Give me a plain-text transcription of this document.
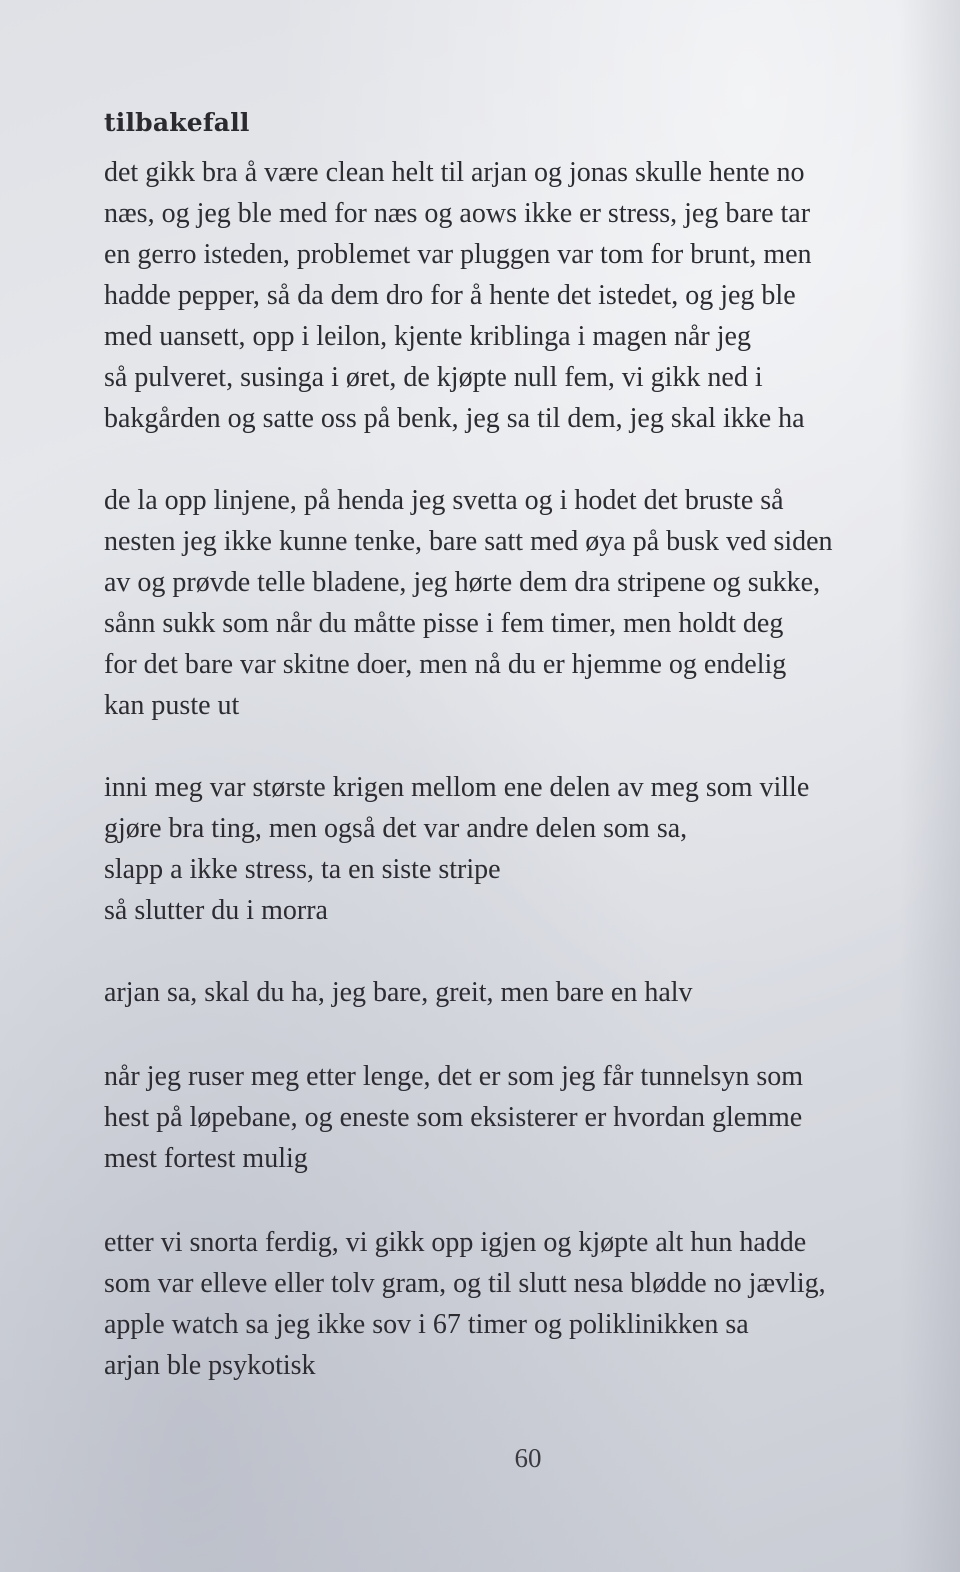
tilbakefall

det gikk bra å være clean helt til arjan og jonas skulle hente no
næs, og jeg ble med for næs og aows ikke er stress, jeg bare tar
en gerro isteden, problemet var pluggen var tom for brunt, men
hadde pepper, så da dem dro for å hente det istedet, og jeg ble
med uansett, opp i leilon, kjente kriblinga i magen når jeg
så pulveret, susinga i øret, de kjøpte null fem, vi gikk ned i
bakgården og satte oss på benk, jeg sa til dem, jeg skal ikke ha

de la opp linjene, på henda jeg svetta og i hodet det bruste så
nesten jeg ikke kunne tenke, bare satt med øya på busk ved siden
av og prøvde telle bladene, jeg hørte dem dra stripene og sukke,
sånn sukk som når du måtte pisse i fem timer, men holdt deg
for det bare var skitne doer, men nå du er hjemme og endelig
kan puste ut

inni meg var største krigen mellom ene delen av meg som ville
gjøre bra ting, men også det var andre delen som sa,
slapp a ikke stress, ta en siste stripe
så slutter du i morra

arjan sa, skal du ha, jeg bare, greit, men bare en halv

når jeg ruser meg etter lenge, det er som jeg får tunnelsyn som
hest på løpebane, og eneste som eksisterer er hvordan glemme
mest fortest mulig

etter vi snorta ferdig, vi gikk opp igjen og kjøpte alt hun hadde
som var elleve eller tolv gram, og til slutt nesa blødde no jævlig,
apple watch sa jeg ikke sov i 67 timer og poliklinikken sa
arjan ble psykotisk

60
